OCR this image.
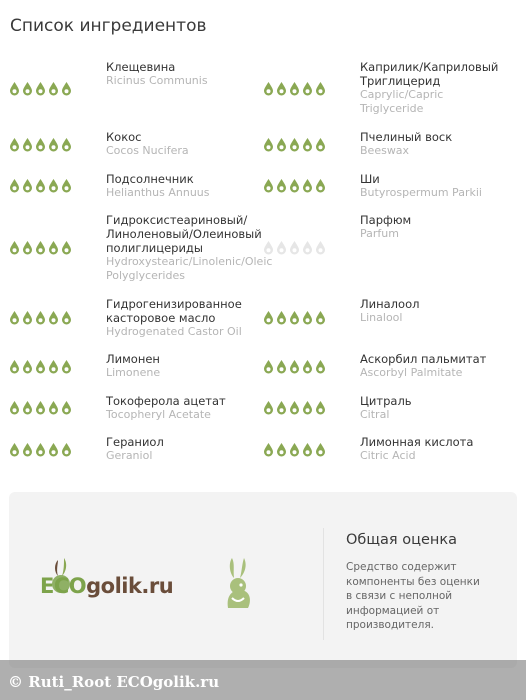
Список ингредиентов
Клещевина
Ricinus Communis
Кокос
Cocos Nucifera
Подсолнечник
Helianthus Annuus
Гидроксистеариновый/
Линоленовый/Олеиновый
полиглицериды
Hydroxystearic/Linolenic/Oleic
Polyglycerides
Гидрогенизированное
касторовое масло
Hydrogenated Castor Oil
Лимонен
Limonene
Токоферола ацетат
Tocopheryl Acetate
Гераниол
Geraniol
Каприлик/Каприловый
Триглицерид
Caprylic/Capric
Triglyceride
Пчелиный воск
Beeswax
Ши
Butyrospermum Parkii
Парфюм
Parfum
Линалоол
Linalool
Аскорбил пальмитат
Ascorbyl Palmitate
Цитраль
Citral
Лимонная кислота
Citric Acid
ECOgolik.ru
Общая оценка
Средство содержит
компоненты без оценки
в связи с неполной
информацией от
производителя.
© Ruti_Root ECOgolik.ru
